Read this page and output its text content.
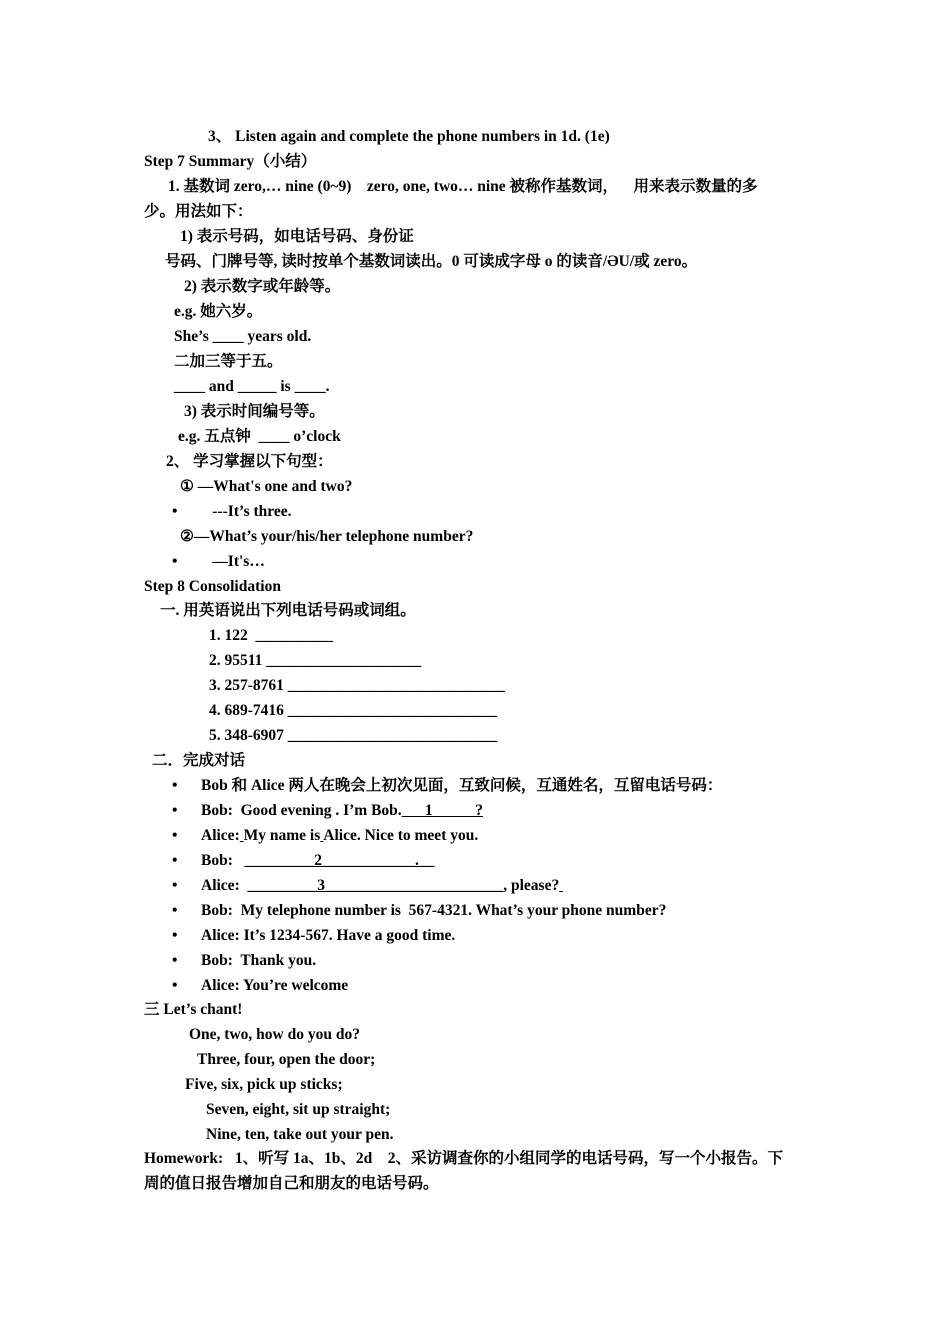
3、 Listen again and complete the phone numbers in 1d. (1e)
Step 7 Summary（小结）
1. 基数词 zero,… nine (0~9)    zero, one, two… nine 被称作基数词，    用来表示数量的多
少。用法如下：
1) 表示号码，如电话号码、身份证
号码、门牌号等, 读时按单个基数词读出。0 可读成字母 o 的读音/ƏU/或 zero。
2) 表示数字或年龄等。
e.g. 她六岁。
She’s ____ years old.
二加三等于五。
____ and _____ is ____.
3) 表示时间编号等。
e.g. 五点钟  ____ o’clock
2、 学习掌握以下句型：
① —What's one and two?
•         ---It’s three.
②—What’s your/his/her telephone number?
•         —It's…
Step 8 Consolidation
一. 用英语说出下列电话号码或词组。
1. 122  __________
2. 95511 ____________________
3. 257-8761 ____________________________
4. 689-7416 ___________________________
5. 348-6907 ___________________________
二．完成对话
• Bob 和 Alice 两人在晚会上初次见面，互致问候，互通姓名，互留电话号码：
• Bob:  Good evening . I’m Bob.      1           ?
• Alice: My name is Alice. Nice to meet you.
• Bob:   _________2____________.__
• Alice:  _________3_______________________, please?
• Bob:  My telephone number is  567-4321. What’s your phone number?
• Alice: It’s 1234-567. Have a good time.
• Bob:  Thank you.
• Alice: You’re welcome
三 Let’s chant!
One, two, how do you do?
Three, four, open the door;
Five, six, pick up sticks;
Seven, eight, sit up straight;
Nine, ten, take out your pen.
Homework:   1、听写 1a、1b、2d    2、采访调查你的小组同学的电话号码，写一个小报告。下
周的值日报告增加自己和朋友的电话号码。
